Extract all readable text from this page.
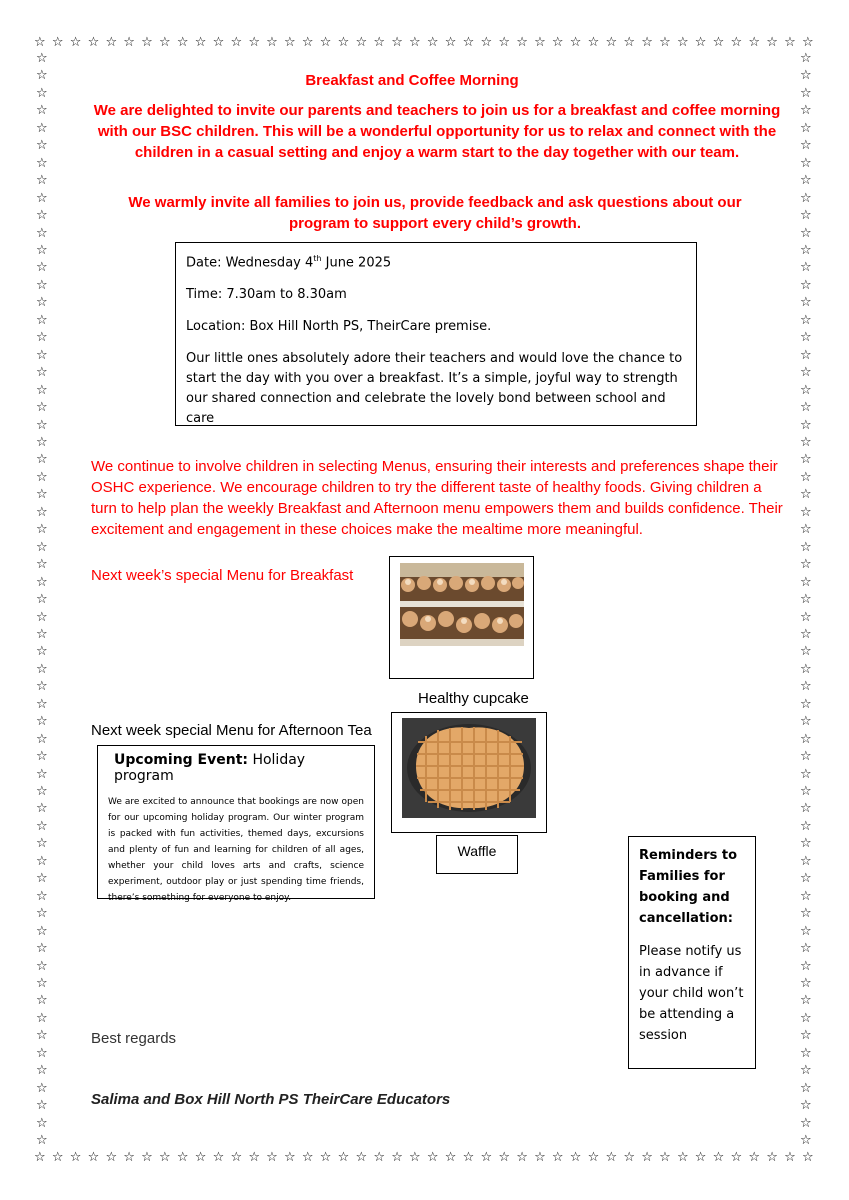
☆ ☆ ☆ ☆ ☆ ☆ ☆ ☆ ☆ ☆ ☆ ☆ ☆ ☆ ☆ ☆ ☆ ☆ ☆ ☆ ☆ ☆ ☆ ☆ ☆ ☆ ☆ ☆ ☆ ☆ ☆ ☆ ☆ ☆ ☆ ☆ ☆ ☆ ☆ ☆ ☆ ☆ ☆ ☆
☆ ☆ ☆ ☆ ☆ ☆ ☆ ☆ ☆ ☆ ☆ ☆ ☆ ☆ ☆ ☆ ☆ ☆ ☆ ☆ ☆ ☆ ☆ ☆ ☆ ☆ ☆ ☆ ☆ ☆ ☆ ☆ ☆ ☆ ☆ ☆ ☆ ☆ ☆ ☆ ☆ ☆ ☆ ☆
☆
☆
☆
☆
☆
☆
☆
☆
☆
☆
☆
☆
☆
☆
☆
☆
☆
☆
☆
☆
☆
☆
☆
☆
☆
☆
☆
☆
☆
☆
☆
☆
☆
☆
☆
☆
☆
☆
☆
☆
☆
☆
☆
☆
☆
☆
☆
☆
☆
☆
☆
☆
☆
☆
☆
☆
☆
☆
☆
☆
☆
☆
☆
☆
☆
☆
☆
☆
☆
☆
☆
☆
☆
☆
☆
☆
☆
☆
☆
☆
☆
☆
☆
☆
☆
☆
☆
☆
☆
☆
☆
☆
☆
☆
☆
☆
☆
☆
☆
☆
☆
☆
☆
☆
☆
☆
☆
☆
☆
☆
☆
☆
☆
☆
☆
☆
☆
☆
☆
☆
☆
☆
☆
☆
☆
☆
Breakfast and Coffee Morning
We are delighted to invite our parents and teachers to join us for a breakfast and coffee morning with our BSC children. This will be a wonderful opportunity for us to relax and connect with the children in a casual setting and enjoy a warm start to the day together with our team.
We warmly invite all families to join us, provide feedback and ask questions about our program to support every child’s growth.

Date: Wednesday 4th June 2025

Time: 7.30am to 8.30am

Location: Box Hill North PS, TheirCare premise.

Our little ones absolutely adore their teachers and would love the chance to start the day with you over a breakfast. It’s a simple, joyful way to strength our shared connection and celebrate the lovely bond between school and care

We continue to involve children in selecting Menus, ensuring their interests and preferences shape their OSHC experience. We encourage children to try the different taste of healthy foods. Giving children a turn to help plan the weekly Breakfast and Afternoon menu empowers them and builds confidence. Their excitement and engagement in these choices make the mealtime more meaningful.
Next week’s special Menu for Breakfast
Healthy cupcake
Next week special Menu for Afternoon Tea
Waffle
Upcoming Event: Holiday program
We are excited to announce that bookings are now open for our upcoming holiday program. Our winter program is packed with fun activities, themed days, excursions and plenty of fun and learning for children of all ages, whether your child loves arts and crafts, science experiment, outdoor play or just spending time friends, there’s something for everyone to enjoy.
Reminders to Families for booking and cancellation:
Please notify us in advance if your child won’t be attending a session
Best regards
Salima and Box Hill North PS TheirCare Educators
